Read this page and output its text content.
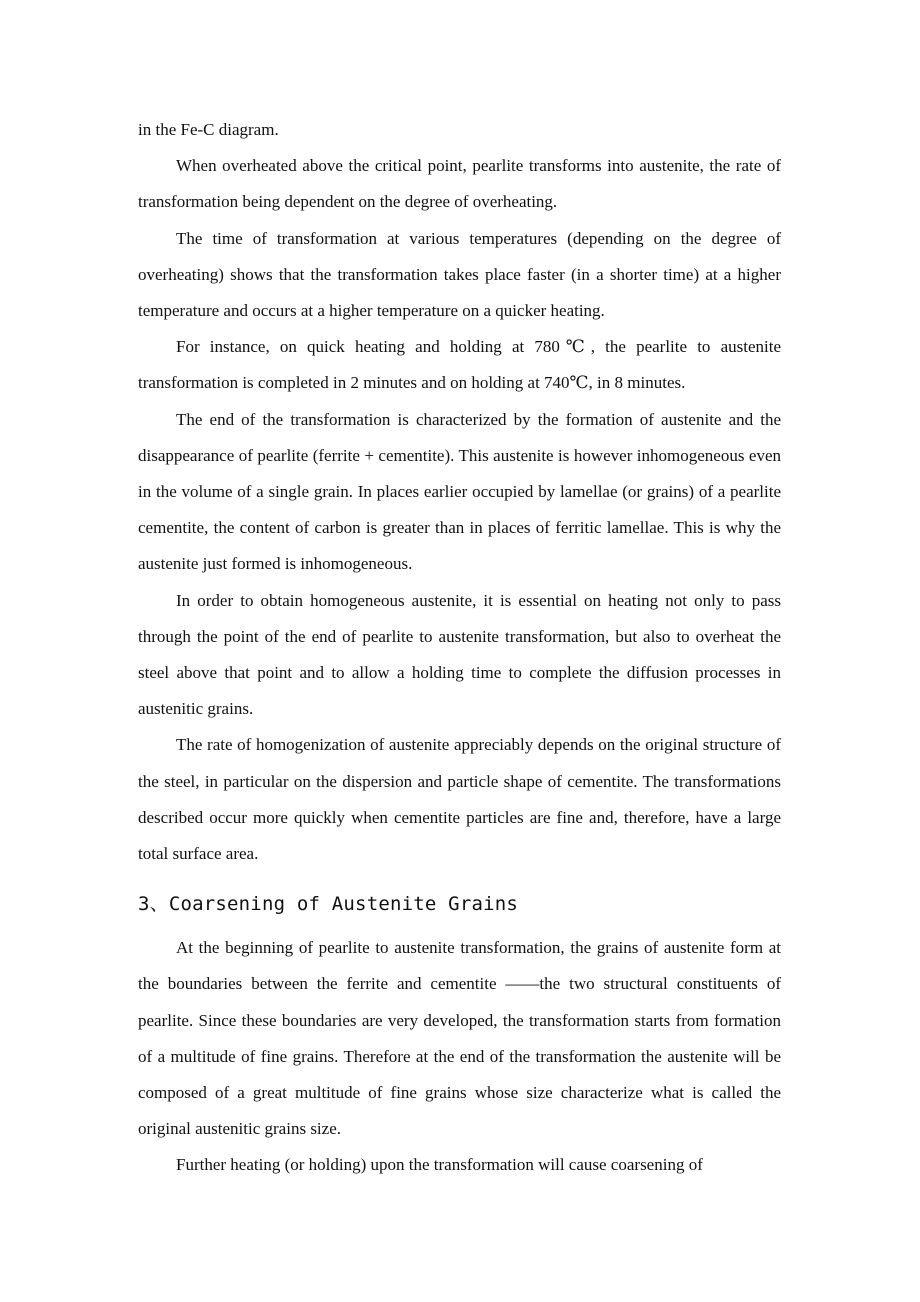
in the Fe-C diagram.

When overheated above the critical point, pearlite transforms into austenite, the rate of transformation being dependent on the degree of overheating.

The time of transformation at various temperatures (depending on the degree of overheating) shows that the transformation takes place faster (in a shorter time) at a higher temperature and occurs at a higher temperature on a quicker heating.

For instance, on quick heating and holding at 780℃, the pearlite to austenite transformation is completed in 2 minutes and on holding at 740℃, in 8 minutes.

The end of the transformation is characterized by the formation of austenite and the disappearance of pearlite (ferrite + cementite). This austenite is however inhomogeneous even in the volume of a single grain. In places earlier occupied by lamellae (or grains) of a pearlite cementite, the content of carbon is greater than in places of ferritic lamellae. This is why the austenite just formed is inhomogeneous.

In order to obtain homogeneous austenite, it is essential on heating not only to pass through the point of the end of pearlite to austenite transformation, but also to overheat the steel above that point and to allow a holding time to complete the diffusion processes in austenitic grains.

The rate of homogenization of austenite appreciably depends on the original structure of the steel, in particular on the dispersion and particle shape of cementite. The transformations described occur more quickly when cementite particles are fine and, therefore, have a large total surface area.

3、Coarsening of Austenite Grains

At the beginning of pearlite to austenite transformation, the grains of austenite form at the boundaries between the ferrite and cementite ——the two structural constituents of pearlite. Since these boundaries are very developed, the transformation starts from formation of a multitude of fine grains. Therefore at the end of the transformation the austenite will be composed of a great multitude of fine grains whose size characterize what is called the original austenitic grains size.

Further heating (or holding) upon the transformation will cause coarsening of
